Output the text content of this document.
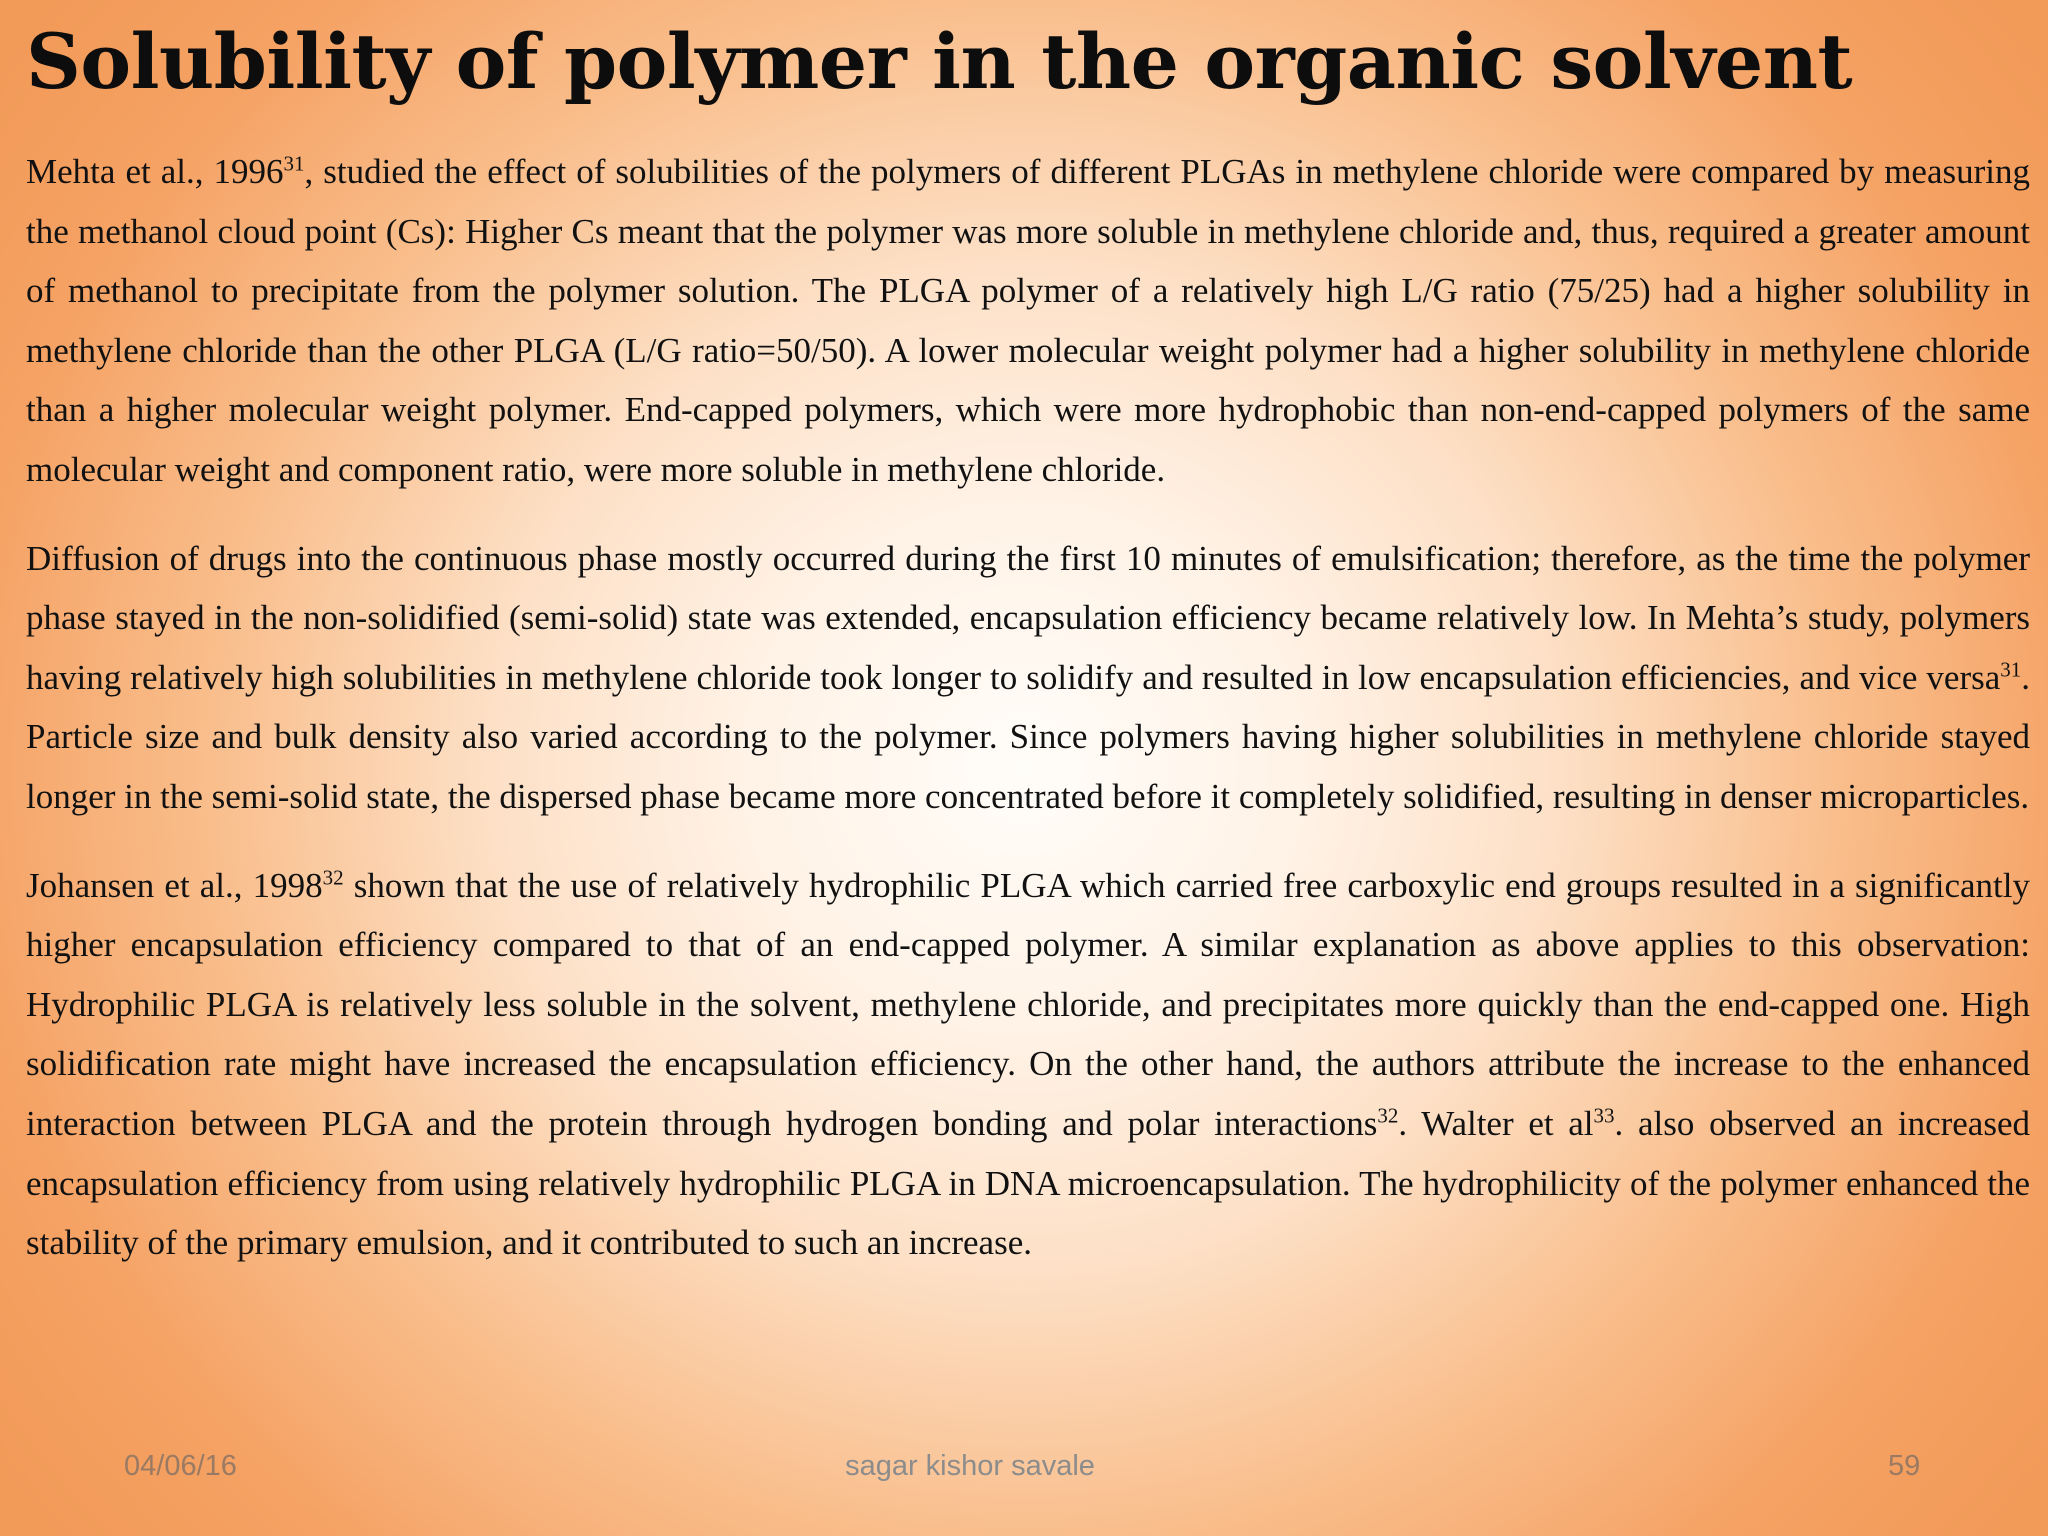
Solubility of polymer in the organic solvent

Mehta et al., 1996$^{31}$, studied the effect of solubilities of the polymers of different PLGAs in methylene chloride were compared by measuring the methanol cloud point (Cs): Higher Cs meant that the polymer was more soluble in methylene chloride and, thus, required a greater amount of methanol to precipitate from the polymer solution. The PLGA polymer of a relatively high L/G ratio (75/25) had a higher solubility in methylene chloride than the other PLGA (L/G ratio=50/50). A lower molecular weight polymer had a higher solubility in methylene chloride than a higher molecular weight polymer. End-capped polymers, which were more hydrophobic than non-end-capped polymers of the same molecular weight and component ratio, were more soluble in methylene chloride.

Diffusion of drugs into the continuous phase mostly occurred during the first 10 minutes of emulsification; therefore, as the time the polymer phase stayed in the non-solidified (semi-solid) state was extended, encapsulation efficiency became relatively low. In Mehta’s study, polymers having relatively high solubilities in methylene chloride took longer to solidify and resulted in low encapsulation efficiencies, and vice versa$^{31}$. Particle size and bulk density also varied according to the polymer. Since polymers having higher solubilities in methylene chloride stayed longer in the semi-solid state, the dispersed phase became more concentrated before it completely solidified, resulting in denser microparticles.

Johansen et al., 1998$^{32}$ shown that the use of relatively hydrophilic PLGA which carried free carboxylic end groups resulted in a significantly higher encapsulation efficiency compared to that of an end-capped polymer. A similar explanation as above applies to this observation: Hydrophilic PLGA is relatively less soluble in the solvent, methylene chloride, and precipitates more quickly than the end-capped one. High solidification rate might have increased the encapsulation efficiency. On the other hand, the authors attribute the increase to the enhanced interaction between PLGA and the protein through hydrogen bonding and polar interactions$^{32}$. Walter et $al^{33}$. also observed an increased encapsulation efficiency from using relatively hydrophilic PLGA in DNA microencapsulation. The hydrophilicity of the polymer enhanced the stability of the primary emulsion, and it contributed to such an increase.

04/06/16	sagar kishor savale	59
